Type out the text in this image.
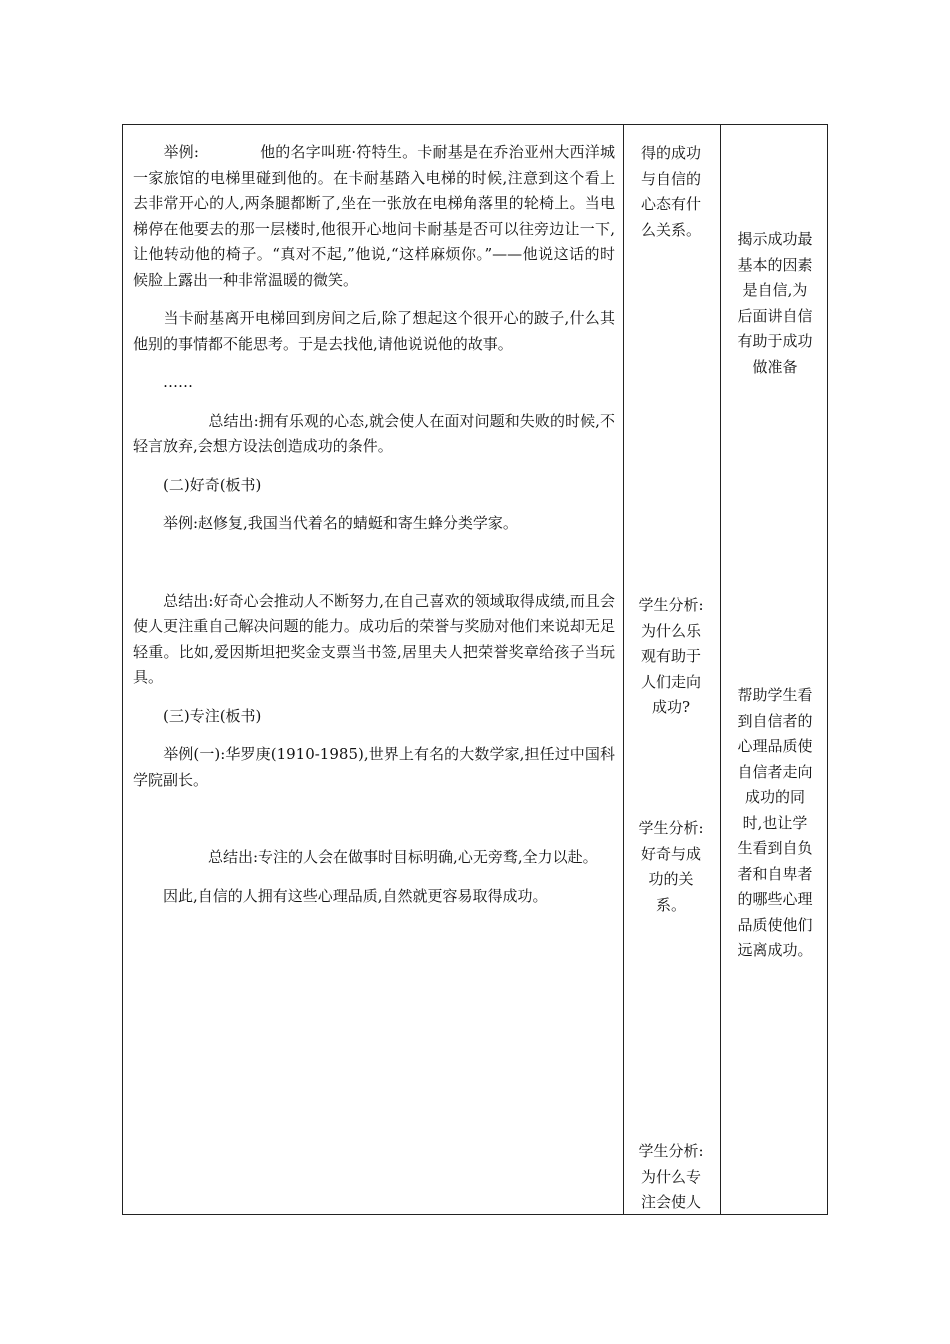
　　举例:　　　　他的名字叫班·符特生。卡耐基是在乔治亚州大西洋城一家旅馆的电梯里碰到他的。在卡耐基踏入电梯的时候,注意到这个看上去非常开心的人,两条腿都断了,坐在一张放在电梯角落里的轮椅上。当电梯停在他要去的那一层楼时,他很开心地问卡耐基是否可以往旁边让一下,让他转动他的椅子。“真对不起,”他说,“这样麻烦你。”——他说这话的时候脸上露出一种非常温暖的微笑。

　　当卡耐基离开电梯回到房间之后,除了想起这个很开心的跛子,什么其他别的事情都不能思考。于是去找他,请他说说他的故事。

　　……

　　　　　总结出:拥有乐观的心态,就会使人在面对问题和失败的时候,不轻言放弃,会想方设法创造成功的条件。

　　(二)好奇(板书)

　　举例:赵修复,我国当代着名的蜻蜓和寄生蜂分类学家。

　　总结出:好奇心会推动人不断努力,在自己喜欢的领域取得成绩,而且会使人更注重自己解决问题的能力。成功后的荣誉与奖励对他们来说却无足轻重。比如,爱因斯坦把奖金支票当书签,居里夫人把荣誉奖章给孩子当玩具。

　　(三)专注(板书)

　　举例(一):华罗庚(1910-1985),世界上有名的大数学家,担任过中国科学院副长。

　　　　　总结出:专注的人会在做事时目标明确,心无旁骛,全力以赴。

　　因此,自信的人拥有这些心理品质,自然就更容易取得成功。

得的成功
与自信的
心态有什
么关系。
学生分析:
为什么乐
观有助于
人们走向
成功?
学生分析:
好奇与成
功的关
系。
学生分析:
为什么专
注会使人
揭示成功最
基本的因素
是自信,为
后面讲自信
有助于成功
做准备
帮助学生看
到自信者的
心理品质使
自信者走向
成功的同
时,也让学
生看到自负
者和自卑者
的哪些心理
品质使他们
远离成功。
